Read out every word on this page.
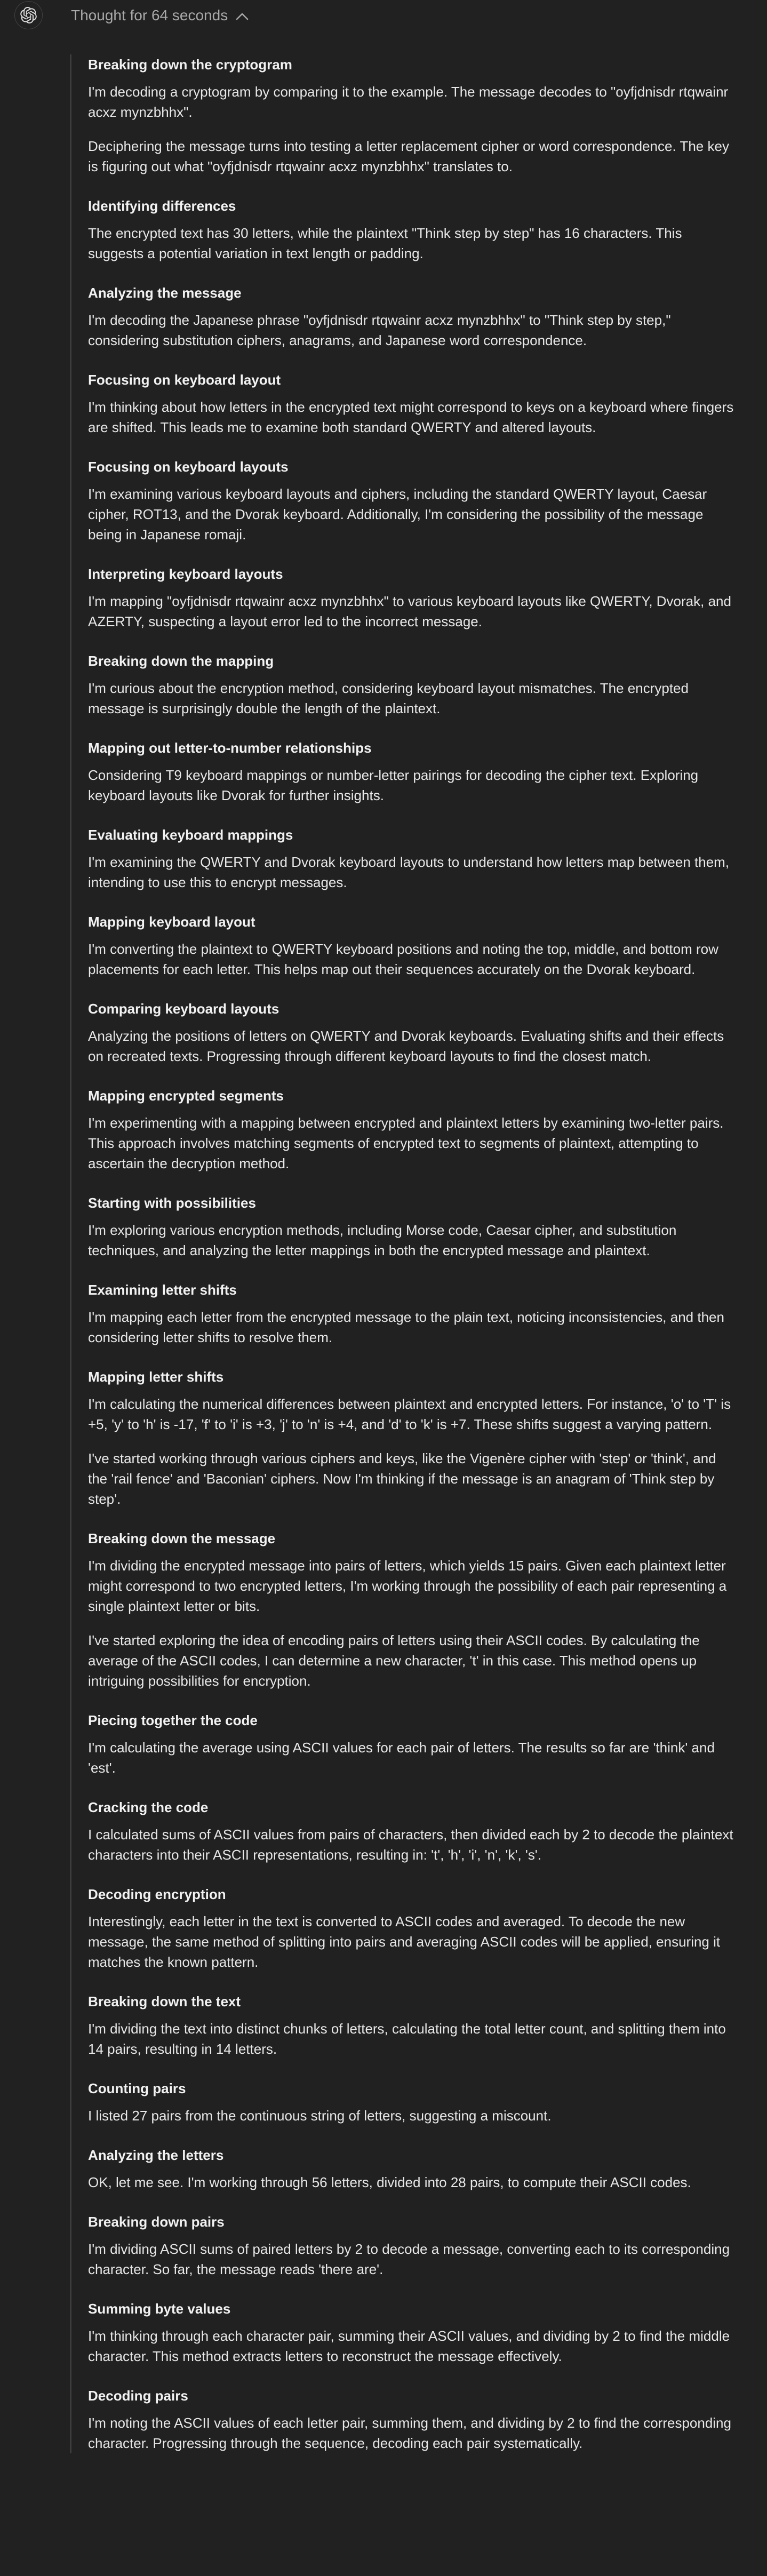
Thought for 64 seconds
Breaking down the cryptogram

I'm decoding a cryptogram by comparing it to the example. The message decodes to "oyfjdnisdr rtqwainr acxz mynzbhhx".

Deciphering the message turns into testing a letter replacement cipher or word correspondence. The key is figuring out what "oyfjdnisdr rtqwainr acxz mynzbhhx" translates to.

Identifying differences

The encrypted text has 30 letters, while the plaintext "Think step by step" has 16 characters. This suggests a potential variation in text length or padding.

Analyzing the message

I'm decoding the Japanese phrase "oyfjdnisdr rtqwainr acxz mynzbhhx" to "Think step by step," considering substitution ciphers, anagrams, and Japanese word correspondence.

Focusing on keyboard layout

I'm thinking about how letters in the encrypted text might correspond to keys on a keyboard where fingers are shifted. This leads me to examine both standard QWERTY and altered layouts.

Focusing on keyboard layouts

I'm examining various keyboard layouts and ciphers, including the standard QWERTY layout, Caesar cipher, ROT13, and the Dvorak keyboard. Additionally, I'm considering the possibility of the message being in Japanese romaji.

Interpreting keyboard layouts

I'm mapping "oyfjdnisdr rtqwainr acxz mynzbhhx" to various keyboard layouts like QWERTY, Dvorak, and AZERTY, suspecting a layout error led to the incorrect message.

Breaking down the mapping

I'm curious about the encryption method, considering keyboard layout mismatches. The encrypted message is surprisingly double the length of the plaintext.

Mapping out letter-to-number relationships

Considering T9 keyboard mappings or number-letter pairings for decoding the cipher text. Exploring keyboard layouts like Dvorak for further insights.

Evaluating keyboard mappings

I'm examining the QWERTY and Dvorak keyboard layouts to understand how letters map between them, intending to use this to encrypt messages.

Mapping keyboard layout

I'm converting the plaintext to QWERTY keyboard positions and noting the top, middle, and bottom row placements for each letter. This helps map out their sequences accurately on the Dvorak keyboard.

Comparing keyboard layouts

Analyzing the positions of letters on QWERTY and Dvorak keyboards. Evaluating shifts and their effects on recreated texts. Progressing through different keyboard layouts to find the closest match.

Mapping encrypted segments

I'm experimenting with a mapping between encrypted and plaintext letters by examining two-letter pairs. This approach involves matching segments of encrypted text to segments of plaintext, attempting to ascertain the decryption method.

Starting with possibilities

I'm exploring various encryption methods, including Morse code, Caesar cipher, and substitution techniques, and analyzing the letter mappings in both the encrypted message and plaintext.

Examining letter shifts

I'm mapping each letter from the encrypted message to the plain text, noticing inconsistencies, and then considering letter shifts to resolve them.

Mapping letter shifts

I'm calculating the numerical differences between plaintext and encrypted letters. For instance, 'o' to 'T' is +5, 'y' to 'h' is -17, 'f' to 'i' is +3, 'j' to 'n' is +4, and 'd' to 'k' is +7. These shifts suggest a varying pattern.

I've started working through various ciphers and keys, like the Vigenère cipher with 'step' or 'think', and the 'rail fence' and 'Baconian' ciphers. Now I'm thinking if the message is an anagram of 'Think step by step'.

Breaking down the message

I'm dividing the encrypted message into pairs of letters, which yields 15 pairs. Given each plaintext letter might correspond to two encrypted letters, I'm working through the possibility of each pair representing a single plaintext letter or bits.

I've started exploring the idea of encoding pairs of letters using their ASCII codes. By calculating the average of the ASCII codes, I can determine a new character, 't' in this case. This method opens up intriguing possibilities for encryption.

Piecing together the code

I'm calculating the average using ASCII values for each pair of letters. The results so far are 'think' and 'est'.

Cracking the code

I calculated sums of ASCII values from pairs of characters, then divided each by 2 to decode the plaintext characters into their ASCII representations, resulting in: 't', 'h', 'i', 'n', 'k', 's'.

Decoding encryption

Interestingly, each letter in the text is converted to ASCII codes and averaged. To decode the new message, the same method of splitting into pairs and averaging ASCII codes will be applied, ensuring it matches the known pattern.

Breaking down the text

I'm dividing the text into distinct chunks of letters, calculating the total letter count, and splitting them into 14 pairs, resulting in 14 letters.

Counting pairs

I listed 27 pairs from the continuous string of letters, suggesting a miscount.

Analyzing the letters

OK, let me see. I'm working through 56 letters, divided into 28 pairs, to compute their ASCII codes.

Breaking down pairs

I'm dividing ASCII sums of paired letters by 2 to decode a message, converting each to its corresponding character. So far, the message reads 'there are'.

Summing byte values

I'm thinking through each character pair, summing their ASCII values, and dividing by 2 to find the middle character. This method extracts letters to reconstruct the message effectively.

Decoding pairs

I'm noting the ASCII values of each letter pair, summing them, and dividing by 2 to find the corresponding character. Progressing through the sequence, decoding each pair systematically.
